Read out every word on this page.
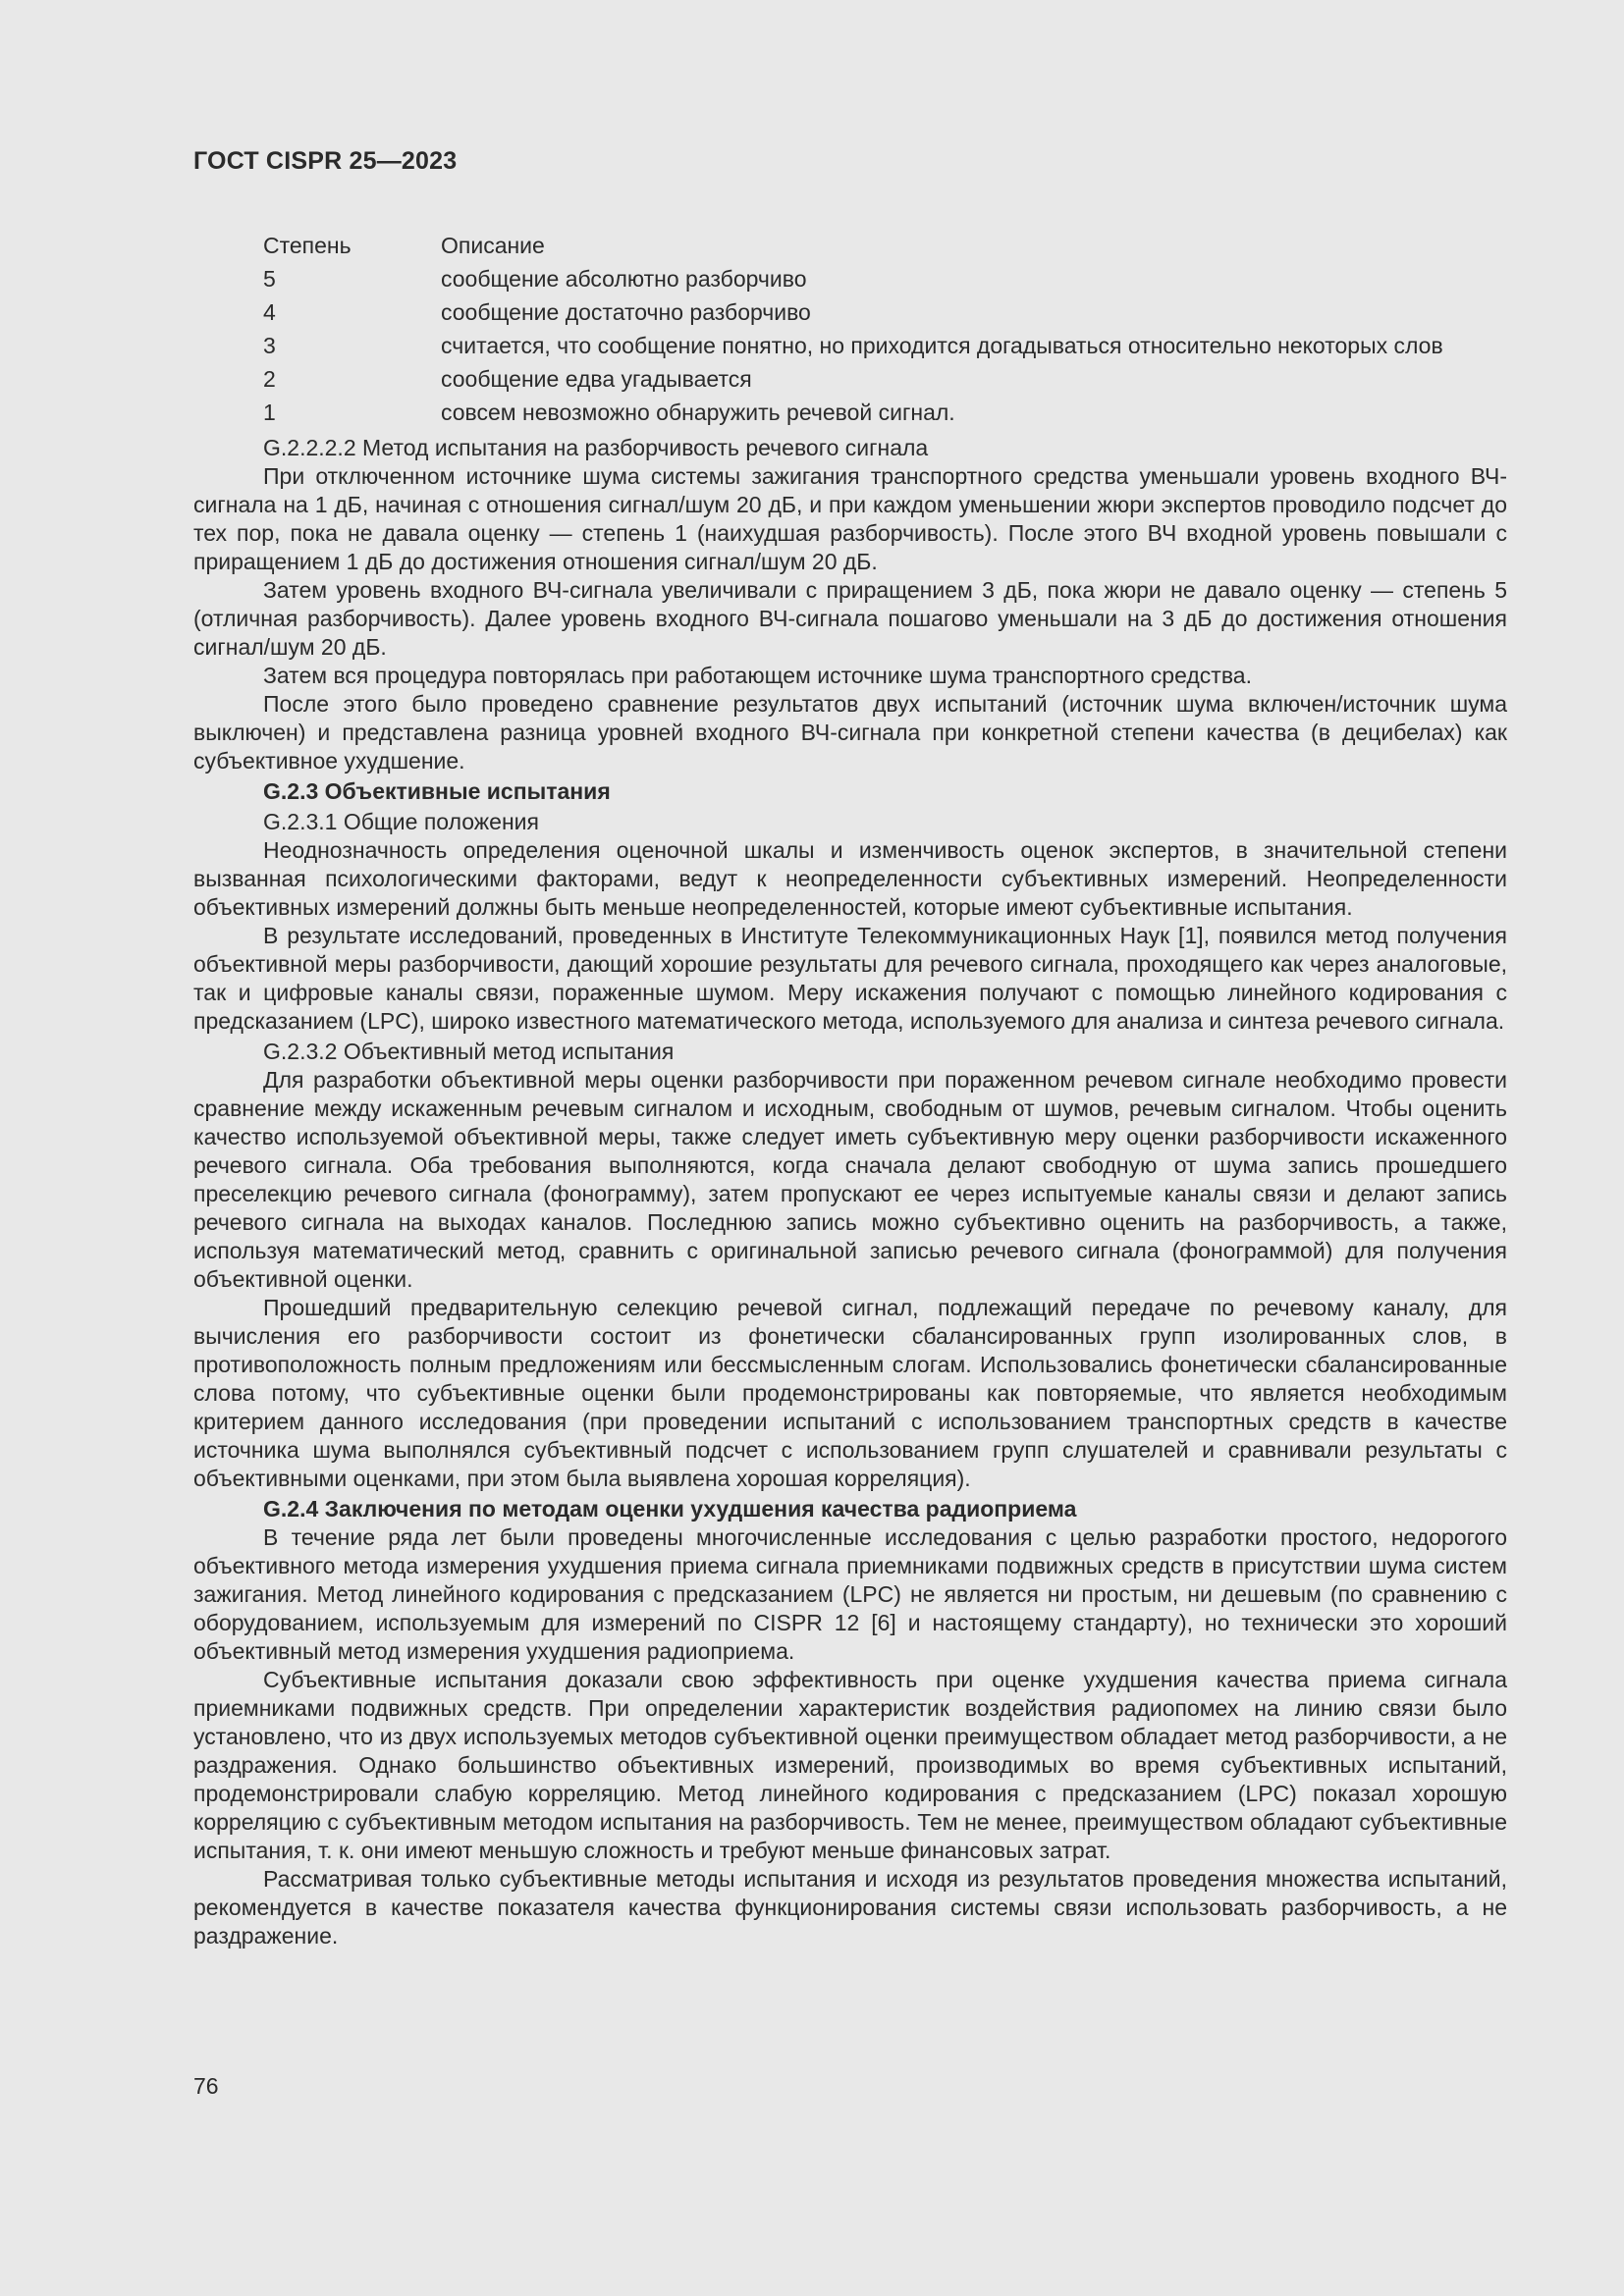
ГОСТ CISPR 25—2023
Степень	Описание
5	сообщение абсолютно разборчиво
4	сообщение достаточно разборчиво
3	считается, что сообщение понятно, но приходится догадываться относительно некоторых слов
2	сообщение едва угадывается
1	совсем невозможно обнаружить речевой сигнал.

G.2.2.2.2 Метод испытания на разборчивость речевого сигнала

При отключенном источнике шума системы зажигания транспортного средства уменьшали уровень входного ВЧ-сигнала на 1 дБ, начиная с отношения сигнал/шум 20 дБ, и при каждом уменьшении жюри экспертов проводило подсчет до тех пор, пока не давала оценку — степень 1 (наихудшая разборчивость). После этого ВЧ входной уровень повышали с приращением 1 дБ до достижения отношения сигнал/шум 20 дБ.

Затем уровень входного ВЧ-сигнала увеличивали с приращением 3 дБ, пока жюри не давало оценку — степень 5 (отличная разборчивость). Далее уровень входного ВЧ-сигнала пошагово уменьшали на 3 дБ до достижения отношения сигнал/шум 20 дБ.

Затем вся процедура повторялась при работающем источнике шума транспортного средства.

После этого было проведено сравнение результатов двух испытаний (источник шума включен/источник шума выключен) и представлена разница уровней входного ВЧ-сигнала при конкретной степени качества (в децибелах) как субъективное ухудшение.

G.2.3 Объективные испытания

G.2.3.1 Общие положения

Неоднозначность определения оценочной шкалы и изменчивость оценок экспертов, в значительной степени вызванная психологическими факторами, ведут к неопределенности субъективных измерений. Неопределенности объективных измерений должны быть меньше неопределенностей, которые имеют субъективные испытания.

В результате исследований, проведенных в Институте Телекоммуникационных Наук [1], появился метод получения объективной меры разборчивости, дающий хорошие результаты для речевого сигнала, проходящего как через аналоговые, так и цифровые каналы связи, пораженные шумом. Меру искажения получают с помощью линейного кодирования с предсказанием (LPC), широко известного математического метода, используемого для анализа и синтеза речевого сигнала.

G.2.3.2 Объективный метод испытания

Для разработки объективной меры оценки разборчивости при пораженном речевом сигнале необходимо провести сравнение между искаженным речевым сигналом и исходным, свободным от шумов, речевым сигналом. Чтобы оценить качество используемой объективной меры, также следует иметь субъективную меру оценки разборчивости искаженного речевого сигнала. Оба требования выполняются, когда сначала делают свободную от шума запись прошедшего преселекцию речевого сигнала (фонограмму), затем пропускают ее через испытуемые каналы связи и делают запись речевого сигнала на выходах каналов. Последнюю запись можно субъективно оценить на разборчивость, а также, используя математический метод, сравнить с оригинальной записью речевого сигнала (фонограммой) для получения объективной оценки.

Прошедший предварительную селекцию речевой сигнал, подлежащий передаче по речевому каналу, для вычисления его разборчивости состоит из фонетически сбалансированных групп изолированных слов, в противоположность полным предложениям или бессмысленным слогам. Использовались фонетически сбалансированные слова потому, что субъективные оценки были продемонстрированы как повторяемые, что является необходимым критерием данного исследования (при проведении испытаний с использованием транспортных средств в качестве источника шума выполнялся субъективный подсчет с использованием групп слушателей и сравнивали результаты с объективными оценками, при этом была выявлена хорошая корреляция).

G.2.4 Заключения по методам оценки ухудшения качества радиоприема

В течение ряда лет были проведены многочисленные исследования с целью разработки простого, недорогого объективного метода измерения ухудшения приема сигнала приемниками подвижных средств в присутствии шума систем зажигания. Метод линейного кодирования с предсказанием (LPC) не является ни простым, ни дешевым (по сравнению с оборудованием, используемым для измерений по CISPR 12 [6] и настоящему стандарту), но технически это хороший объективный метод измерения ухудшения радиоприема.

Субъективные испытания доказали свою эффективность при оценке ухудшения качества приема сигнала приемниками подвижных средств. При определении характеристик воздействия радиопомех на линию связи было установлено, что из двух используемых методов субъективной оценки преимуществом обладает метод разборчивости, а не раздражения. Однако большинство объективных измерений, производимых во время субъективных испытаний, продемонстрировали слабую корреляцию. Метод линейного кодирования с предсказанием (LPC) показал хорошую корреляцию с субъективным методом испытания на разборчивость. Тем не менее, преимуществом обладают субъективные испытания, т. к. они имеют меньшую сложность и требуют меньше финансовых затрат.

Рассматривая только субъективные методы испытания и исходя из результатов проведения множества испытаний, рекомендуется в качестве показателя качества функционирования системы связи использовать разборчивость, а не раздражение.

76
